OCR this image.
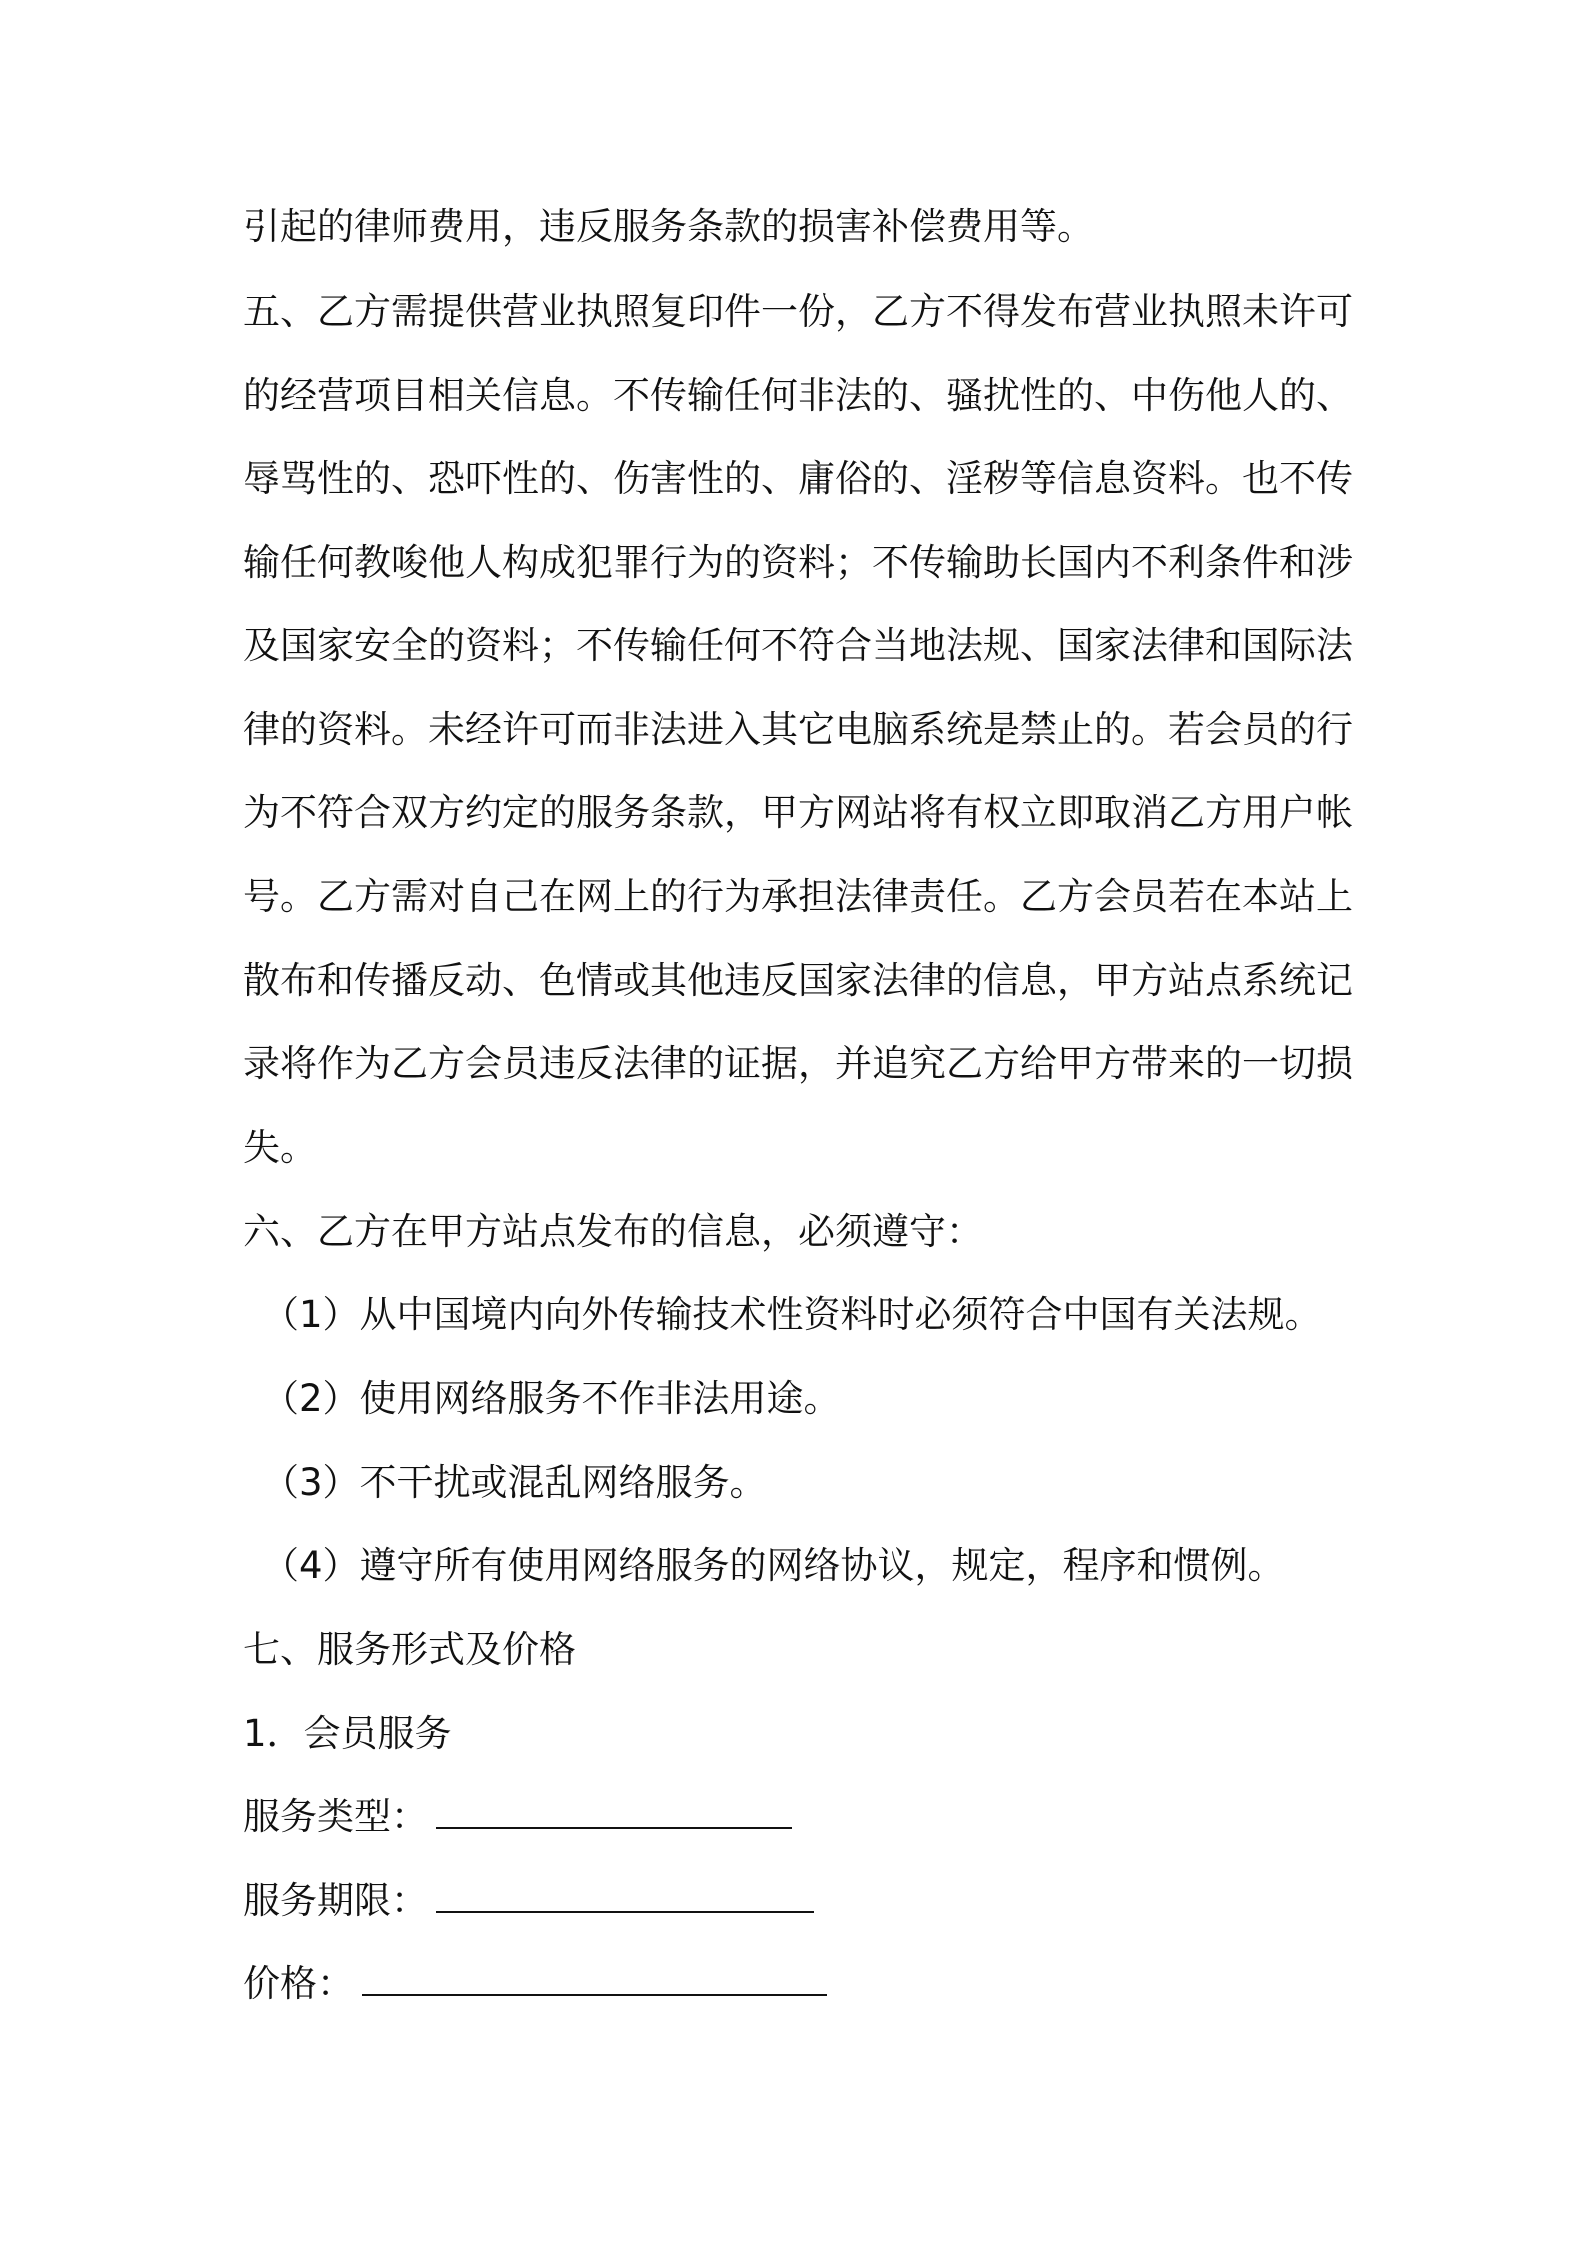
引起的律师费用，违反服务条款的损害补偿费用等。
五、乙方需提供营业执照复印件一份，乙方不得发布营业执照未许可
的经营项目相关信息。不传输任何非法的、骚扰性的、中伤他人的、
辱骂性的、恐吓性的、伤害性的、庸俗的、淫秽等信息资料。也不传
输任何教唆他人构成犯罪行为的资料；不传输助长国内不利条件和涉
及国家安全的资料；不传输任何不符合当地法规、国家法律和国际法
律的资料。未经许可而非法进入其它电脑系统是禁止的。若会员的行
为不符合双方约定的服务条款，甲方网站将有权立即取消乙方用户帐
号。乙方需对自己在网上的行为承担法律责任。乙方会员若在本站上
散布和传播反动、色情或其他违反国家法律的信息，甲方站点系统记
录将作为乙方会员违反法律的证据，并追究乙方给甲方带来的一切损
失。
六、乙方在甲方站点发布的信息，必须遵守：
（1）从中国境内向外传输技术性资料时必须符合中国有关法规。
（2）使用网络服务不作非法用途。
（3）不干扰或混乱网络服务。
（4）遵守所有使用网络服务的网络协议，规定，程序和惯例。
七、服务形式及价格
1．会员服务
服务类型：
服务期限：
价格：
